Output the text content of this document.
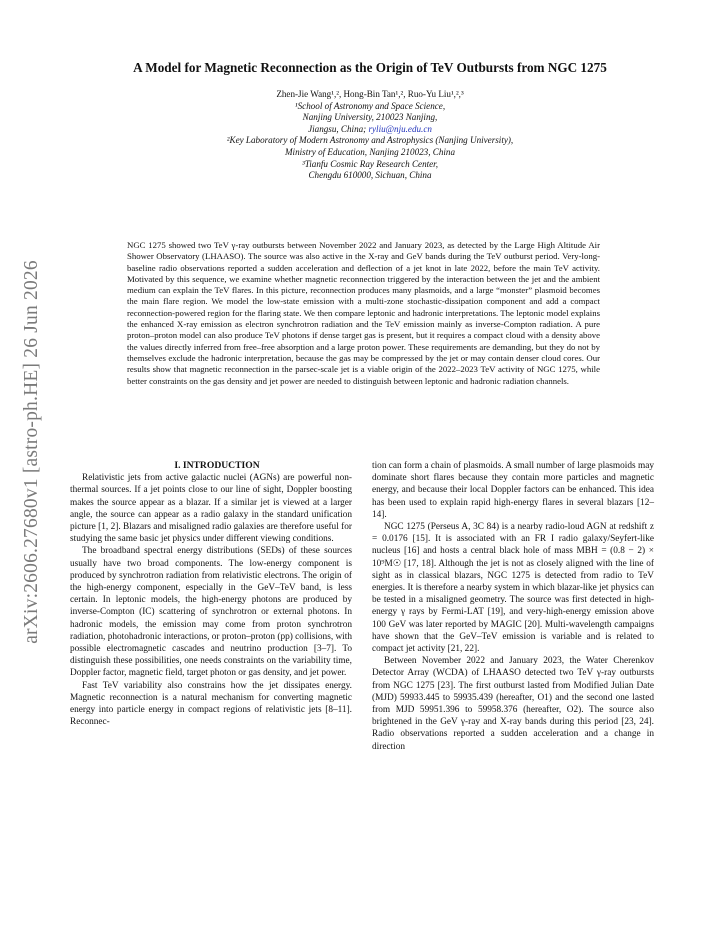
arXiv:2606.27680v1 [astro-ph.HE] 26 Jun 2026
A Model for Magnetic Reconnection as the Origin of TeV Outbursts from NGC 1275
Zhen-Jie Wang¹,², Hong-Bin Tan¹,², Ruo-Yu Liu¹,²,³
¹School of Astronomy and Space Science,
Nanjing University, 210023 Nanjing,
Jiangsu, China; ryliu@nju.edu.cn
²Key Laboratory of Modern Astronomy and Astrophysics (Nanjing University),
Ministry of Education, Nanjing 210023, China
³Tianfu Cosmic Ray Research Center,
Chengdu 610000, Sichuan, China

NGC 1275 showed two TeV γ-ray outbursts between November 2022 and January 2023, as detected by the Large High Altitude Air Shower Observatory (LHAASO). The source was also active in the X-ray and GeV bands during the TeV outburst period. Very-long-baseline radio observations reported a sudden acceleration and deflection of a jet knot in late 2022, before the main TeV activity. Motivated by this sequence, we examine whether magnetic reconnection triggered by the interaction between the jet and the ambient medium can explain the TeV flares. In this picture, reconnection produces many plasmoids, and a large “monster” plasmoid becomes the main flare region. We model the low-state emission with a multi-zone stochastic-dissipation component and add a compact reconnection-powered region for the flaring state. We then compare leptonic and hadronic interpretations. The leptonic model explains the enhanced X-ray emission as electron synchrotron radiation and the TeV emission mainly as inverse-Compton radiation. A pure proton–proton model can also produce TeV photons if dense target gas is present, but it requires a compact cloud with a density above the values directly inferred from free–free absorption and a large proton power. These requirements are demanding, but they do not by themselves exclude the hadronic interpretation, because the gas may be compressed by the jet or may contain denser cloud cores. Our results show that magnetic reconnection in the parsec-scale jet is a viable origin of the 2022–2023 TeV activity of NGC 1275, while better constraints on the gas density and jet power are needed to distinguish between leptonic and hadronic radiation channels.

I. INTRODUCTION

Relativistic jets from active galactic nuclei (AGNs) are powerful non-thermal sources. If a jet points close to our line of sight, Doppler boosting makes the source appear as a blazar. If a similar jet is viewed at a larger angle, the source can appear as a radio galaxy in the standard unification picture [1, 2]. Blazars and misaligned radio galaxies are therefore useful for studying the same basic jet physics under different viewing conditions.

The broadband spectral energy distributions (SEDs) of these sources usually have two broad components. The low-energy component is produced by synchrotron radiation from relativistic electrons. The origin of the high-energy component, especially in the GeV–TeV band, is less certain. In leptonic models, the high-energy photons are produced by inverse-Compton (IC) scattering of synchrotron or external photons. In hadronic models, the emission may come from proton synchrotron radiation, photohadronic interactions, or proton–proton (pp) collisions, with possible electromagnetic cascades and neutrino production [3–7]. To distinguish these possibilities, one needs constraints on the variability time, Doppler factor, magnetic field, target photon or gas density, and jet power.

Fast TeV variability also constrains how the jet dissipates energy. Magnetic reconnection is a natural mechanism for converting magnetic energy into particle energy in compact regions of relativistic jets [8–11]. Reconnec-

tion can form a chain of plasmoids. A small number of large plasmoids may dominate short flares because they contain more particles and magnetic energy, and because their local Doppler factors can be enhanced. This idea has been used to explain rapid high-energy flares in several blazars [12–14].

NGC 1275 (Perseus A, 3C 84) is a nearby radio-loud AGN at redshift z = 0.0176 [15]. It is associated with an FR I radio galaxy/Seyfert-like nucleus [16] and hosts a central black hole of mass MBH = (0.8 − 2) × 10⁹M☉ [17, 18]. Although the jet is not as closely aligned with the line of sight as in classical blazars, NGC 1275 is detected from radio to TeV energies. It is therefore a nearby system in which blazar-like jet physics can be tested in a misaligned geometry. The source was first detected in high-energy γ rays by Fermi-LAT [19], and very-high-energy emission above 100 GeV was later reported by MAGIC [20]. Multi-wavelength campaigns have shown that the GeV–TeV emission is variable and is related to compact jet activity [21, 22].

Between November 2022 and January 2023, the Water Cherenkov Detector Array (WCDA) of LHAASO detected two TeV γ-ray outbursts from NGC 1275 [23]. The first outburst lasted from Modified Julian Date (MJD) 59933.445 to 59935.439 (hereafter, O1) and the second one lasted from MJD 59951.396 to 59958.376 (hereafter, O2). The source also brightened in the GeV γ-ray and X-ray bands during this period [23, 24]. Radio observations reported a sudden acceleration and a change in direction
